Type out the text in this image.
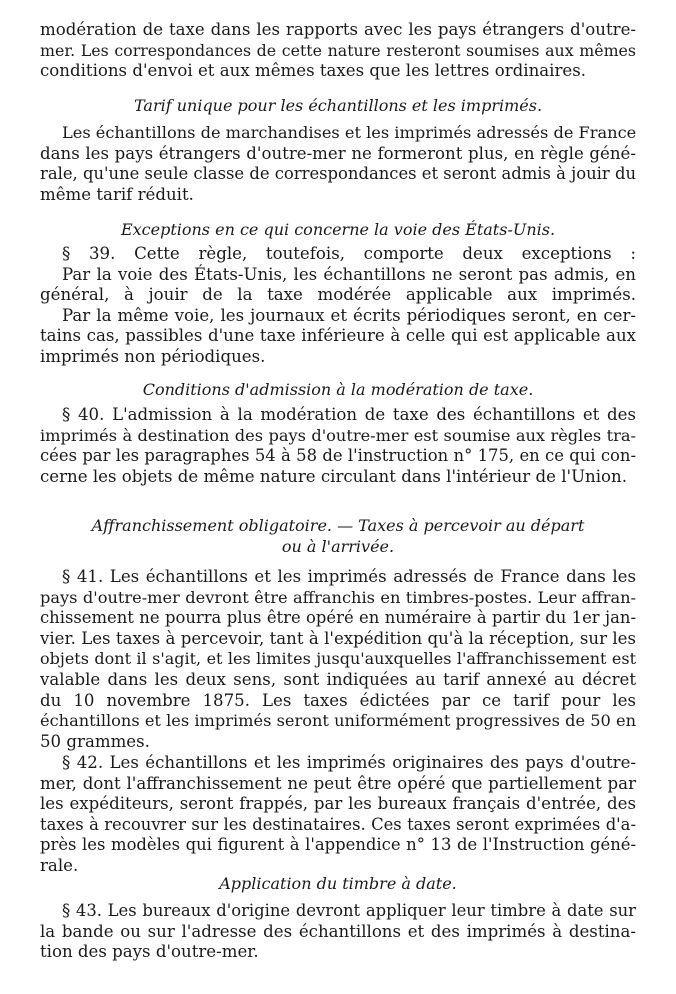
modération de taxe dans les rapports avec les pays étrangers d'outre-
mer. Les correspondances de cette nature resteront soumises aux mêmes
conditions d'envoi et aux mêmes taxes que les lettres ordinaires.

Tarif unique pour les échantillons et les imprimés.

Les échantillons de marchandises et les imprimés adressés de France
dans les pays étrangers d'outre-mer ne formeront plus, en règle géné-
rale, qu'une seule classe de correspondances et seront admis à jouir du
même tarif réduit.

Exceptions en ce qui concerne la voie des États-Unis.

§ 39. Cette règle, toutefois, comporte deux exceptions :
Par la voie des États-Unis, les échantillons ne seront pas admis, en
général, à jouir de la taxe modérée applicable aux imprimés.
Par la même voie, les journaux et écrits périodiques seront, en cer-
tains cas, passibles d'une taxe inférieure à celle qui est applicable aux
imprimés non périodiques.

Conditions d'admission à la modération de taxe.

§ 40. L'admission à la modération de taxe des échantillons et des
imprimés à destination des pays d'outre-mer est soumise aux règles tra-
cées par les paragraphes 54 à 58 de l'instruction n° 175, en ce qui con-
cerne les objets de même nature circulant dans l'intérieur de l'Union.

Affranchissement obligatoire. — Taxes à percevoir au départ
ou à l'arrivée.

§ 41. Les échantillons et les imprimés adressés de France dans les
pays d'outre-mer devront être affranchis en timbres-postes. Leur affran-
chissement ne pourra plus être opéré en numéraire à partir du 1er jan-
vier. Les taxes à percevoir, tant à l'expédition qu'à la réception, sur les
objets dont il s'agit, et les limites jusqu'auxquelles l'affranchissement est
valable dans les deux sens, sont indiquées au tarif annexé au décret
du 10 novembre 1875. Les taxes édictées par ce tarif pour les
échantillons et les imprimés seront uniformément progressives de 50 en
50 grammes.

§ 42. Les échantillons et les imprimés originaires des pays d'outre-
mer, dont l'affranchissement ne peut être opéré que partiellement par
les expéditeurs, seront frappés, par les bureaux français d'entrée, des
taxes à recouvrer sur les destinataires. Ces taxes seront exprimées d'a-
près les modèles qui figurent à l'appendice n° 13 de l'Instruction géné-
rale.

Application du timbre à date.

§ 43. Les bureaux d'origine devront appliquer leur timbre à date sur
la bande ou sur l'adresse des échantillons et des imprimés à destina-
tion des pays d'outre-mer.
